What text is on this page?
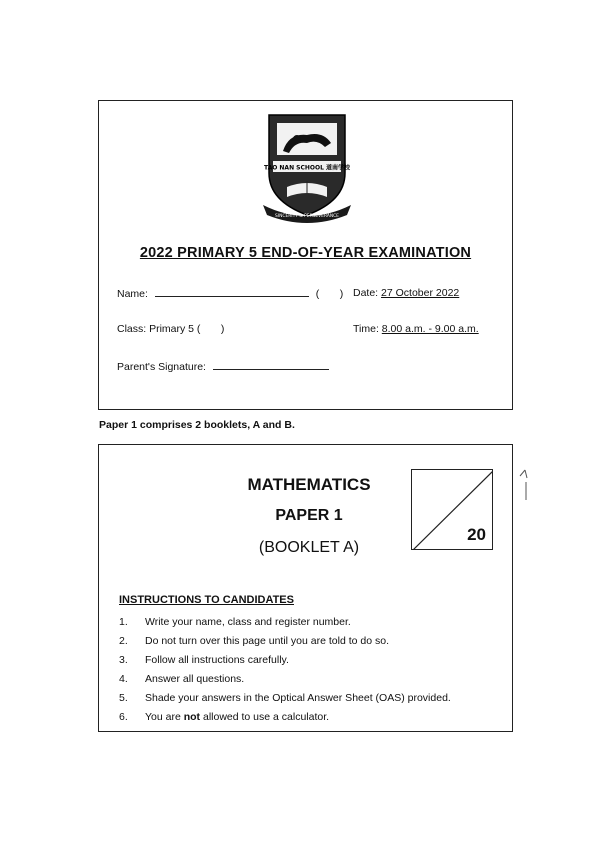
TAO NAN SCHOOL 道南学校
SINCERITY & PERSEVERANCE
2022 PRIMARY 5 END-OF-YEAR EXAMINATION
Name:	(       ) Date: 27 October 2022
Class: Primary 5 (       )	Time: 8.00 a.m. - 9.00 a.m.
Parent's Signature:
Paper 1 comprises 2 booklets, A and B.
MATHEMATICS
PAPER 1
(BOOKLET A)
20
INSTRUCTIONS TO CANDIDATES
1. Write your name, class and register number.
2. Do not turn over this page until you are told to do so.
3. Follow all instructions carefully.
4. Answer all questions.
5. Shade your answers in the Optical Answer Sheet (OAS) provided.
6. You are not allowed to use a calculator.
